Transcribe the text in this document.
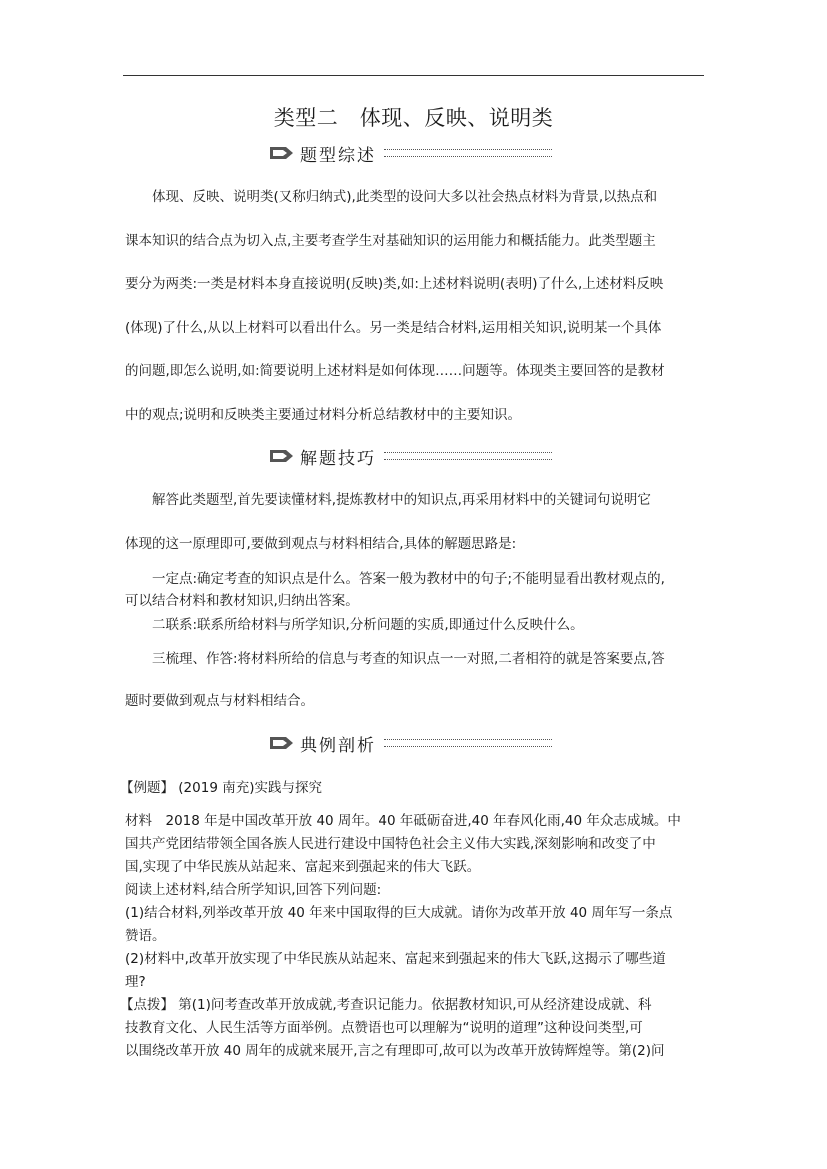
类型二　体现、反映、说明类
题型综述

体现、反映、说明类(又称归纳式),此类型的设问大多以社会热点材料为背景,以热点和

课本知识的结合点为切入点,主要考查学生对基础知识的运用能力和概括能力。此类型题主

要分为两类:一类是材料本身直接说明(反映)类,如:上述材料说明(表明)了什么,上述材料反映

(体现)了什么,从以上材料可以看出什么。另一类是结合材料,运用相关知识,说明某一个具体

的问题,即怎么说明,如:简要说明上述材料是如何体现……问题等。体现类主要回答的是教材

中的观点;说明和反映类主要通过材料分析总结教材中的主要知识。

解题技巧

解答此类题型,首先要读懂材料,提炼教材中的知识点,再采用材料中的关键词句说明它

体现的这一原理即可,要做到观点与材料相结合,具体的解题思路是:

一定点:确定考查的知识点是什么。答案一般为教材中的句子;不能明显看出教材观点的,

可以结合材料和教材知识,归纳出答案。

二联系:联系所给材料与所学知识,分析问题的实质,即通过什么反映什么。

三梳理、作答:将材料所给的信息与考查的知识点一一对照,二者相符的就是答案要点,答

题时要做到观点与材料相结合。

典例剖析

【例题】 (2019 南充)实践与探究

材料　2018 年是中国改革开放 40 周年。40 年砥砺奋进,40 年春风化雨,40 年众志成城。中

国共产党团结带领全国各族人民进行建设中国特色社会主义伟大实践,深刻影响和改变了中

国,实现了中华民族从站起来、富起来到强起来的伟大飞跃。

阅读上述材料,结合所学知识,回答下列问题:

(1)结合材料,列举改革开放 40 年来中国取得的巨大成就。请你为改革开放 40 周年写一条点

赞语。

(2)材料中,改革开放实现了中华民族从站起来、富起来到强起来的伟大飞跃,这揭示了哪些道

理?

【点拨】 第(1)问考查改革开放成就,考查识记能力。依据教材知识,可从经济建设成就、科

技教育文化、人民生活等方面举例。点赞语也可以理解为“说明的道理”这种设问类型,可

以围绕改革开放 40 周年的成就来展开,言之有理即可,故可以为改革开放铸辉煌等。第(2)问
